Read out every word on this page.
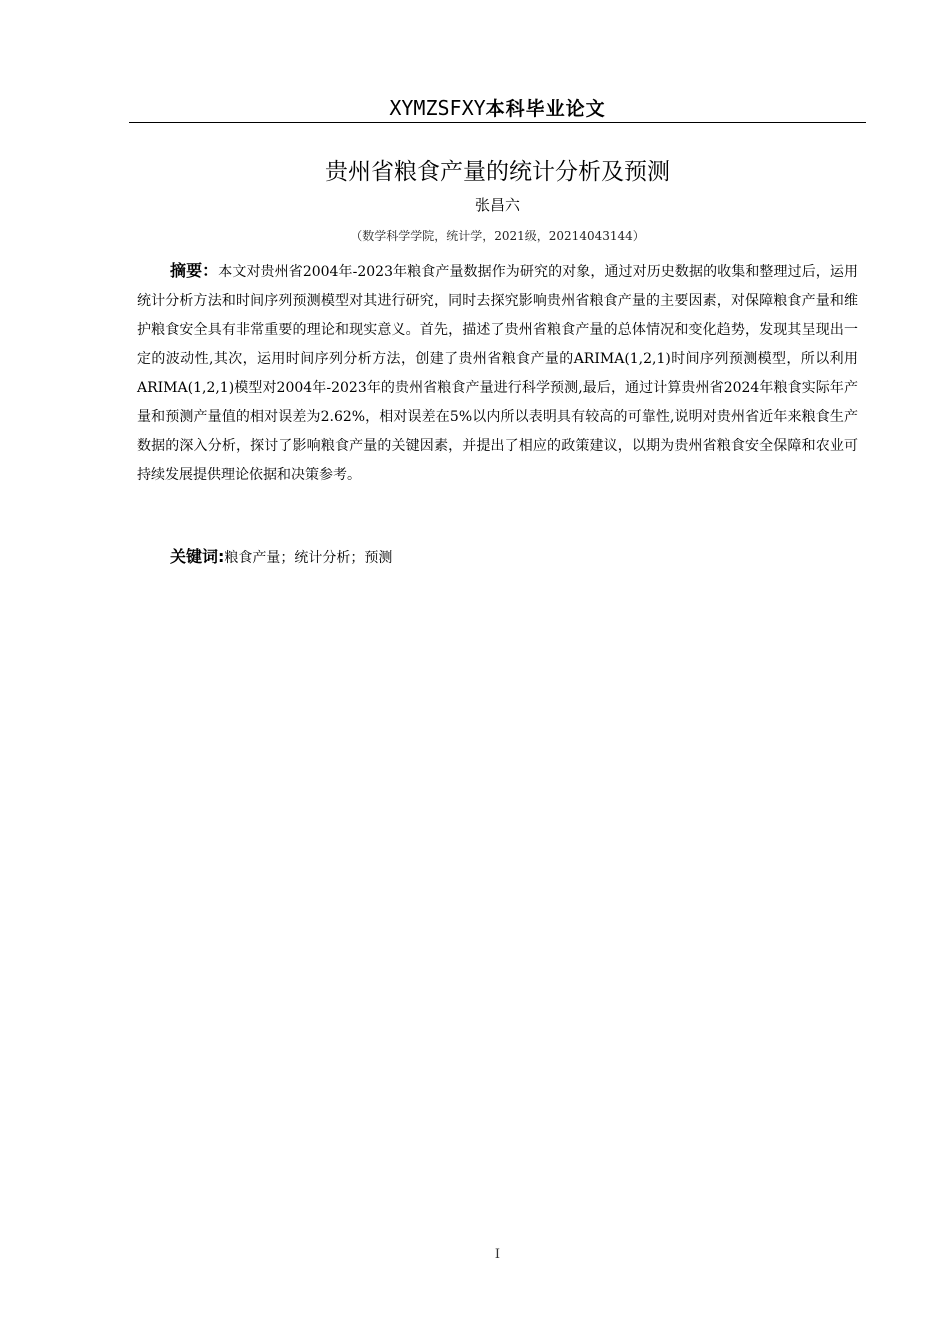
XYMZSFXY本科毕业论文
贵州省粮食产量的统计分析及预测
张昌六
（数学科学学院，统计学，2021级，20214043144）

摘要：本文对贵州省2004年-2023年粮食产量数据作为研究的对象，通过对历史数据的收集和整理过后，运用统计分析方法和时间序列预测模型对其进行研究，同时去探究影响贵州省粮食产量的主要因素，对保障粮食产量和维护粮食安全具有非常重要的理论和现实意义。首先，描述了贵州省粮食产量的总体情况和变化趋势，发现其呈现出一定的波动性,其次，运用时间序列分析方法，创建了贵州省粮食产量的ARIMA(1,2,1)时间序列预测模型，所以利用ARIMA(1,2,1)模型对2004年-2023年的贵州省粮食产量进行科学预测,最后，通过计算贵州省2024年粮食实际年产量和预测产量值的相对误差为2.62%，相对误差在5%以内所以表明具有较高的可靠性,说明对贵州省近年来粮食生产数据的深入分析，探讨了影响粮食产量的关键因素，并提出了相应的政策建议，以期为贵州省粮食安全保障和农业可持续发展提供理论依据和决策参考。

关键词:粮食产量；统计分析；预测
I
